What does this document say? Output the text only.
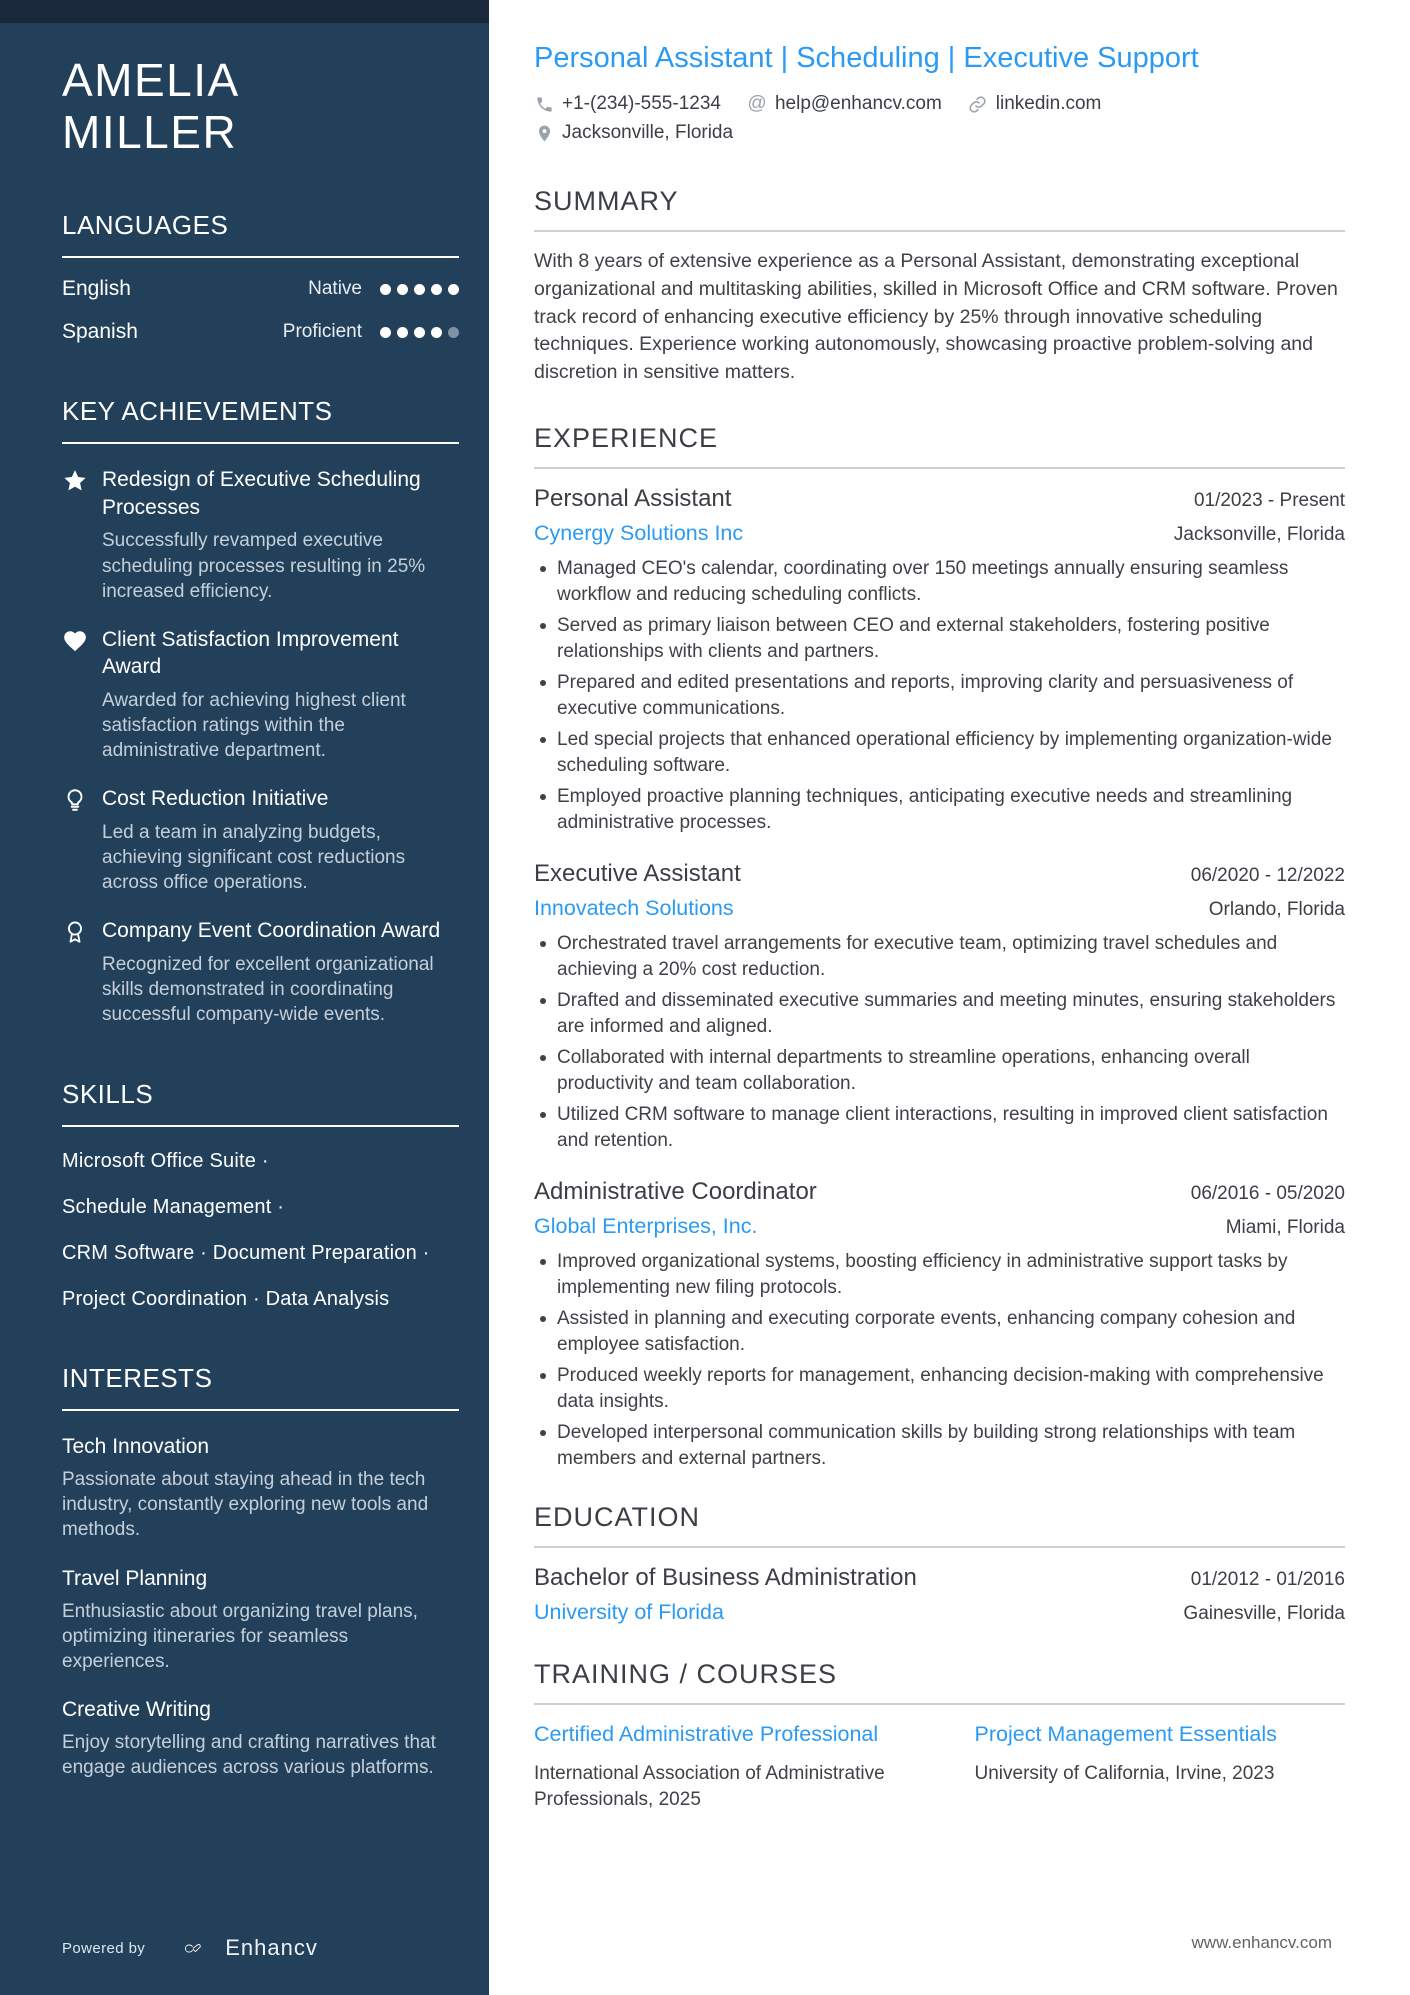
AMELIA
MILLER
LANGUAGES
English	Native
Spanish	Proficient
KEY ACHIEVEMENTS
Redesign of Executive Scheduling Processes
Successfully revamped executive scheduling processes resulting in 25% increased efficiency.
Client Satisfaction Improvement Award
Awarded for achieving highest client satisfaction ratings within the administrative department.
Cost Reduction Initiative
Led a team in analyzing budgets, achieving significant cost reductions across office operations.
Company Event Coordination Award
Recognized for excellent organizational skills demonstrated in coordinating successful company-wide events.
SKILLS
Microsoft Office Suite ·
Schedule Management ·
CRM Software · Document Preparation ·
Project Coordination · Data Analysis
INTERESTS
Tech Innovation
Passionate about staying ahead in the tech industry, constantly exploring new tools and methods.
Travel Planning
Enthusiastic about organizing travel plans, optimizing itineraries for seamless experiences.
Creative Writing
Enjoy storytelling and crafting narratives that engage audiences across various platforms.
Powered by	Enhancv
Personal Assistant | Scheduling | Executive Support
+1-(234)-555-1234 @ help@enhancv.com	linkedin.com
Jacksonville, Florida
SUMMARY

With 8 years of extensive experience as a Personal Assistant, demonstrating exceptional organizational and multitasking abilities, skilled in Microsoft Office and CRM software. Proven track record of enhancing executive efficiency by 25% through innovative scheduling techniques. Experience working autonomously, showcasing proactive problem-solving and discretion in sensitive matters.

EXPERIENCE
Personal Assistant	01/2023 - Present
Cynergy Solutions Inc	Jacksonville, Florida
Managed CEO's calendar, coordinating over 150 meetings annually ensuring seamless workflow and reducing scheduling conflicts.
Served as primary liaison between CEO and external stakeholders, fostering positive relationships with clients and partners.
Prepared and edited presentations and reports, improving clarity and persuasiveness of executive communications.
Led special projects that enhanced operational efficiency by implementing organization-wide scheduling software.
Employed proactive planning techniques, anticipating executive needs and streamlining administrative processes.
Executive Assistant	06/2020 - 12/2022
Innovatech Solutions	Orlando, Florida
Orchestrated travel arrangements for executive team, optimizing travel schedules and achieving a 20% cost reduction.
Drafted and disseminated executive summaries and meeting minutes, ensuring stakeholders are informed and aligned.
Collaborated with internal departments to streamline operations, enhancing overall productivity and team collaboration.
Utilized CRM software to manage client interactions, resulting in improved client satisfaction and retention.
Administrative Coordinator	06/2016 - 05/2020
Global Enterprises, Inc.	Miami, Florida
Improved organizational systems, boosting efficiency in administrative support tasks by implementing new filing protocols.
Assisted in planning and executing corporate events, enhancing company cohesion and employee satisfaction.
Produced weekly reports for management, enhancing decision-making with comprehensive data insights.
Developed interpersonal communication skills by building strong relationships with team members and external partners.
EDUCATION
Bachelor of Business Administration	01/2012 - 01/2016
University of Florida	Gainesville, Florida
TRAINING / COURSES
Certified Administrative Professional
International Association of Administrative Professionals, 2025
Project Management Essentials
University of California, Irvine, 2023
www.enhancv.com
